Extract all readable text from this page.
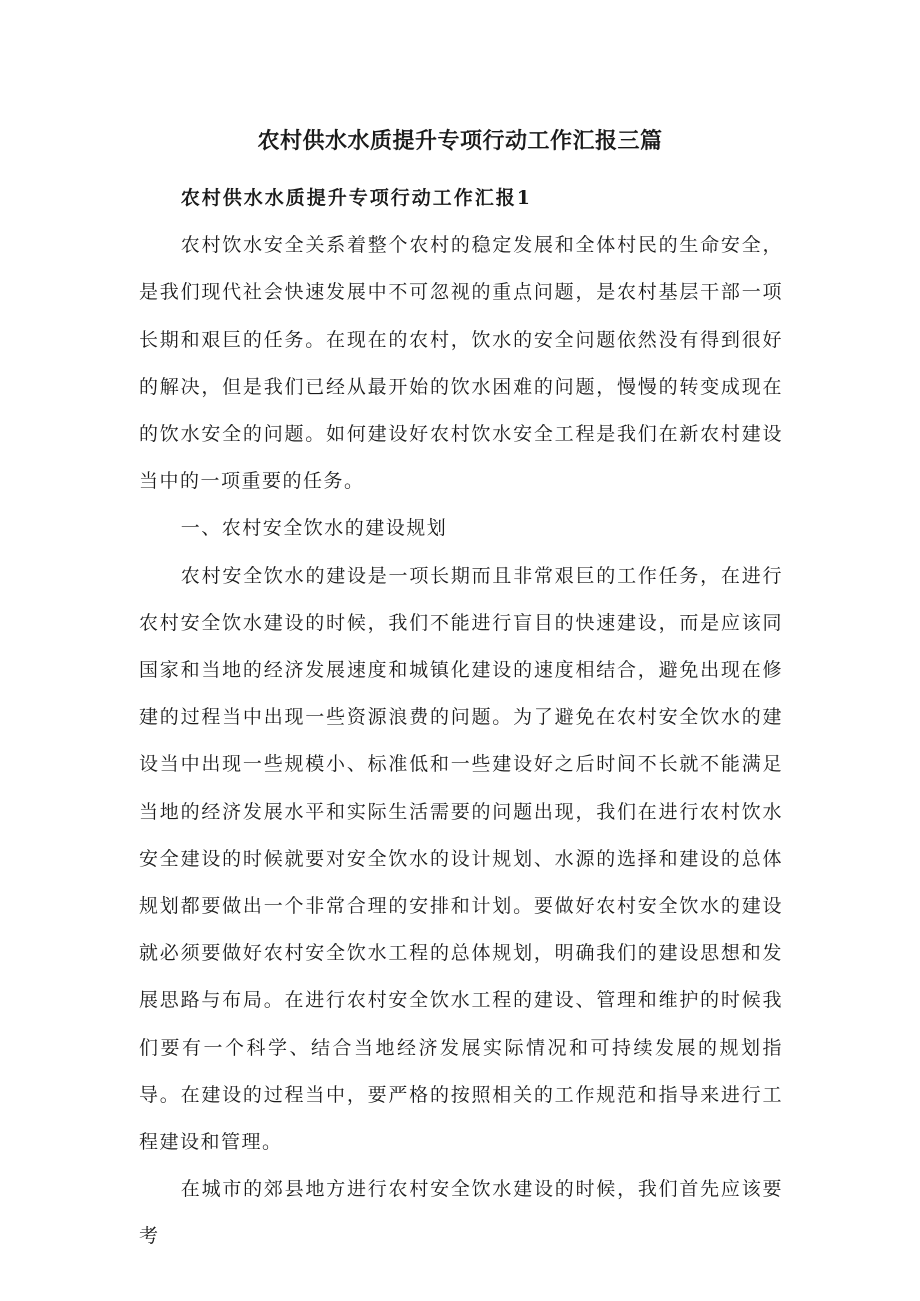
农村供水水质提升专项行动工作汇报三篇

农村供水水质提升专项行动工作汇报1

农村饮水安全关系着整个农村的稳定发展和全体村民的生命安全，是我们现代社会快速发展中不可忽视的重点问题，是农村基层干部一项长期和艰巨的任务。在现在的农村，饮水的安全问题依然没有得到很好的解决，但是我们已经从最开始的饮水困难的问题，慢慢的转变成现在的饮水安全的问题。如何建设好农村饮水安全工程是我们在新农村建设当中的一项重要的任务。

一、农村安全饮水的建设规划

农村安全饮水的建设是一项长期而且非常艰巨的工作任务，在进行农村安全饮水建设的时候，我们不能进行盲目的快速建设，而是应该同国家和当地的经济发展速度和城镇化建设的速度相结合，避免出现在修建的过程当中出现一些资源浪费的问题。为了避免在农村安全饮水的建设当中出现一些规模小、标准低和一些建设好之后时间不长就不能满足当地的经济发展水平和实际生活需要的问题出现，我们在进行农村饮水安全建设的时候就要对安全饮水的设计规划、水源的选择和建设的总体规划都要做出一个非常合理的安排和计划。要做好农村安全饮水的建设就必须要做好农村安全饮水工程的总体规划，明确我们的建设思想和发展思路与布局。在进行农村安全饮水工程的建设、管理和维护的时候我们要有一个科学、结合当地经济发展实际情况和可持续发展的规划指导。在建设的过程当中，要严格的按照相关的工作规范和指导来进行工程建设和管理。

在城市的郊县地方进行农村安全饮水建设的时候，我们首先应该要考
